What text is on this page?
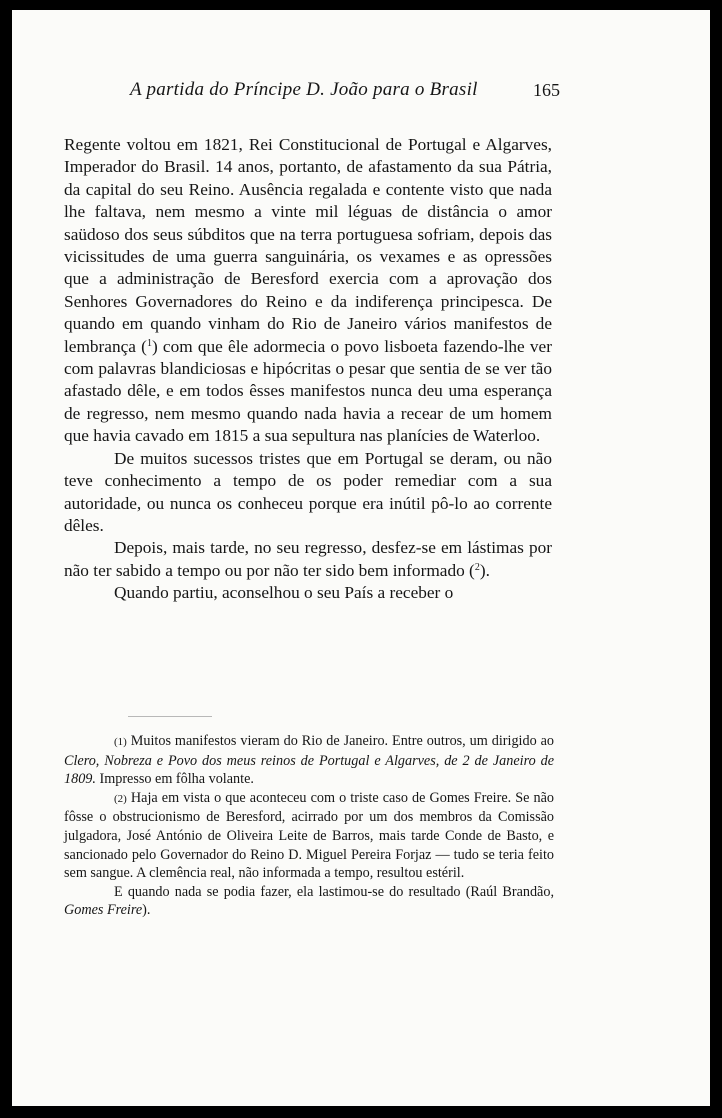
A partida do Príncipe D. João para o Brasil	165

Regente voltou em 1821, Rei Constitucional de Portugal e Algarves, Imperador do Brasil. 14 anos, portanto, de afastamento da sua Pátria, da capital do seu Reino. Ausência regalada e contente visto que nada lhe faltava, nem mesmo a vinte mil léguas de distância o amor saüdoso dos seus súbditos que na terra portuguesa sofriam, depois das vicissitudes de uma guerra sanguinária, os vexames e as opressões que a administração de Beresford exercia com a aprovação dos Senhores Governadores do Reino e da indiferença principesca. De quando em quando vinham do Rio de Janeiro vários manifestos de lembrança ($^1$) com que êle adormecia o povo lisboeta fazendo-lhe ver com palavras blandiciosas e hipócritas o pesar que sentia de se ver tão afastado dêle, e em todos êsses manifestos nunca deu uma esperança de regresso, nem mesmo quando nada havia a recear de um homem que havia cavado em 1815 a sua sepultura nas planícies de Waterloo.

De muitos sucessos tristes que em Portugal se deram, ou não teve conhecimento a tempo de os poder remediar com a sua autoridade, ou nunca os conheceu porque era inútil pô-lo ao corrente dêles.

Depois, mais tarde, no seu regresso, desfez-se em lástimas por não ter sabido a tempo ou por não ter sido bem informado ($^2$).

Quando partiu, aconselhou o seu País a receber o

(1) Muitos manifestos vieram do Rio de Janeiro. Entre outros, um dirigido ao Clero, Nobreza e Povo dos meus reinos de Portugal e Algarves, de 2 de Janeiro de 1809. Impresso em fôlha volante.

(2) Haja em vista o que aconteceu com o triste caso de Gomes Freire. Se não fôsse o obstrucionismo de Beresford, acirrado por um dos membros da Comissão julgadora, José António de Oliveira Leite de Barros, mais tarde Conde de Basto, e sancionado pelo Governador do Reino D. Miguel Pereira Forjaz — tudo se teria feito sem sangue. A clemência real, não informada a tempo, resultou estéril.

E quando nada se podia fazer, ela lastimou-se do resultado (Raúl Brandão, Gomes Freire).
